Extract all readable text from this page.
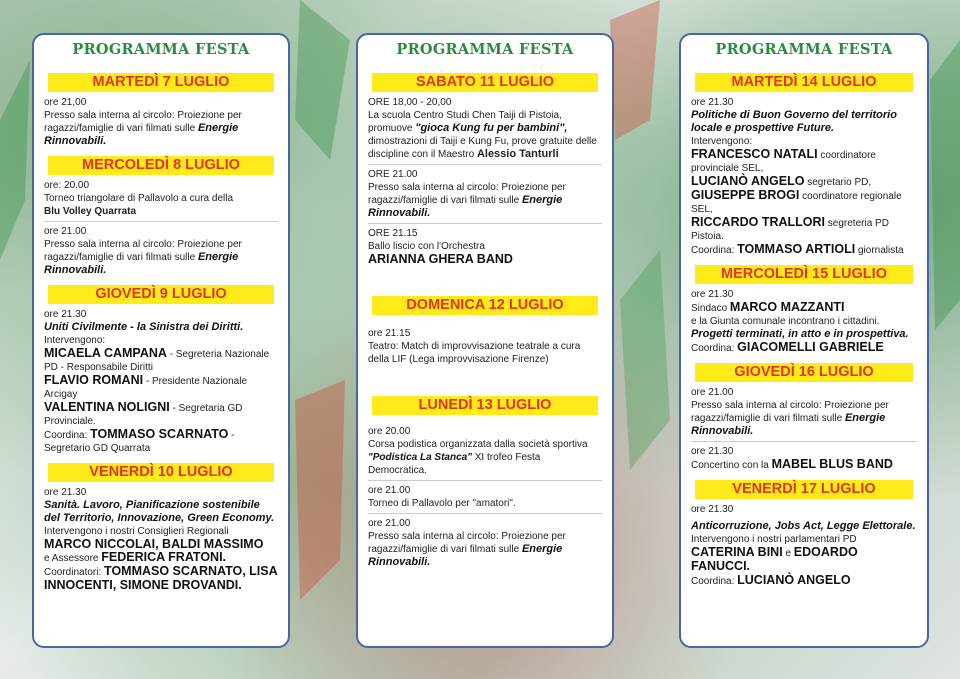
PROGRAMMA FESTA
MARTEDÌ 7 LUGLIO
ore 21,00
Presso sala interna al circolo: Proiezione per ragazzi/famiglie di vari filmati sulle Energie Rinnovabili.
MERCOLEDÌ 8 LUGLIO
ore: 20.00
Torneo triangolare di Pallavolo a cura della
Blu Volley Quarrata
ore 21.00
Presso sala interna al circolo: Proiezione per ragazzi/famiglie di vari filmati sulle Energie Rinnovabili.
GIOVEDÌ 9 LUGLIO
ore 21.30
Uniti Civilmente - la Sinistra dei Diritti.
Intervengono:
MICAELA CAMPANA - Segreteria Nazionale PD - Responsabile Diritti
FLAVIO ROMANI - Presidente Nazionale Arcigay
VALENTINA NOLIGNI - Segretaria GD Provinciale.
Coordina: TOMMASO SCARNATO - Segretario GD Quarrata
VENERDÌ 10 LUGLIO
ore 21.30
Sanità. Lavoro, Pianificazione sostenibile del Territorio, Innovazione, Green Economy.
Intervengono i nostri Consiglieri Regionali
MARCO NICCOLAI, BALDI MASSIMO
e Assessore FEDERICA FRATONI.
Coordinatori: TOMMASO SCARNATO, LISA INNOCENTI, SIMONE DROVANDI.
PROGRAMMA FESTA
SABATO 11 LUGLIO
ORE 18,00 - 20,00
La scuola Centro Studi Chen Taiji di Pistoia, promuove "gioca Kung fu per bambini", dimostrazioni di Taiji e Kung Fu, prove gratuite delle discipline con il Maestro Alessio Tanturli
ORE 21.00
Presso sala interna al circolo: Proiezione per ragazzi/famiglie di vari filmati sulle Energie Rinnovabili.
ORE 21.15
Ballo liscio con l'Orchestra
ARIANNA GHERA BAND
DOMENICA 12 LUGLIO
ore 21.15
Teatro: Match di improvvisazione teatrale a cura della LIF (Lega improvvisazione Firenze)
LUNEDÌ 13 LUGLIO
ore 20.00
Corsa podistica organizzata dalla società sportiva "Podistica La Stanca" XI trofeo Festa Democratica.
ore 21.00
Torneo di Pallavolo per "amatori".
ore 21.00
Presso sala interna al circolo: Proiezione per ragazzi/famiglie di vari filmati sulle Energie Rinnovabili.
PROGRAMMA FESTA
MARTEDÌ 14 LUGLIO
ore 21.30
Politiche di Buon Governo del territorio locale e prospettive Future.
Intervengono:
FRANCESCO NATALI coordinatore provinciale SEL,
LUCIANÒ ANGELO segretario PD,
GIUSEPPE BROGI coordinatore regionale SEL,
RICCARDO TRALLORI segreteria PD Pistoia.
Coordina: TOMMASO ARTIOLI giornalista
MERCOLEDÌ 15 LUGLIO
ore 21.30
Sindaco MARCO MAZZANTI
e la Giunta comunale incontrano i cittadini.
Progetti terminati, in atto e in prospettiva.
Coordina: GIACOMELLI GABRIELE
GIOVEDÌ 16 LUGLIO
ore 21.00
Presso sala interna al circolo: Proiezione per ragazzi/famiglie di vari filmati sulle Energie Rinnovabili.
ore 21.30
Concertino con la MABEL BLUS BAND
VENERDÌ 17 LUGLIO
ore 21.30
Anticorruzione, Jobs Act, Legge Elettorale.
Intervengono i nostri parlamentari PD
CATERINA BINI e EDOARDO FANUCCI.
Coordina: LUCIANÒ ANGELO
